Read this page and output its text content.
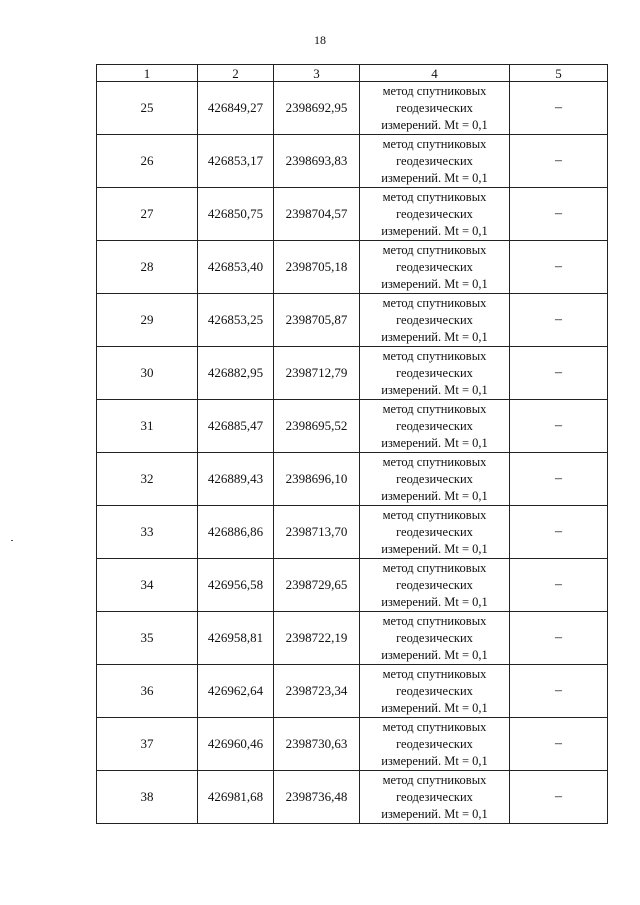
18
1	2	3	4	5
25	426849,27	2398692,95	метод спутниковых
геодезических
измерений. Mt = 0,1	–
26	426853,17	2398693,83	метод спутниковых
геодезических
измерений. Mt = 0,1	–
27	426850,75	2398704,57	метод спутниковых
геодезических
измерений. Mt = 0,1	–
28	426853,40	2398705,18	метод спутниковых
геодезических
измерений. Mt = 0,1	–
29	426853,25	2398705,87	метод спутниковых
геодезических
измерений. Mt = 0,1	–
30	426882,95	2398712,79	метод спутниковых
геодезических
измерений. Mt = 0,1	–
31	426885,47	2398695,52	метод спутниковых
геодезических
измерений. Mt = 0,1	–
32	426889,43	2398696,10	метод спутниковых
геодезических
измерений. Mt = 0,1	–
33	426886,86	2398713,70	метод спутниковых
геодезических
измерений. Mt = 0,1	–
34	426956,58	2398729,65	метод спутниковых
геодезических
измерений. Mt = 0,1	–
35	426958,81	2398722,19	метод спутниковых
геодезических
измерений. Mt = 0,1	–
36	426962,64	2398723,34	метод спутниковых
геодезических
измерений. Mt = 0,1	–
37	426960,46	2398730,63	метод спутниковых
геодезических
измерений. Mt = 0,1	–
38	426981,68	2398736,48	метод спутниковых
геодезических
измерений. Mt = 0,1	–
